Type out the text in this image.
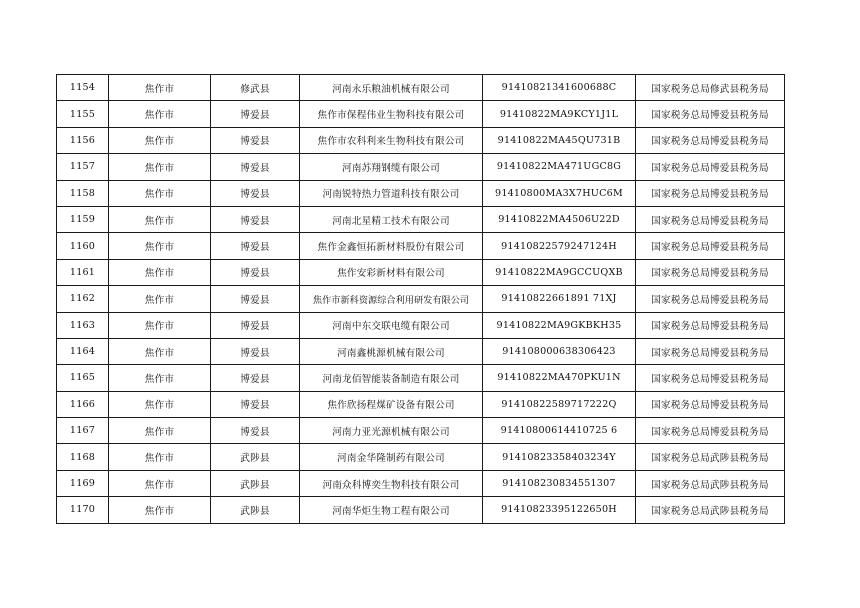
1154	焦作市	修武县	河南永乐粮油机械有限公司	91410821341600688C	国家税务总局修武县税务局
1155	焦作市	博爱县	焦作市保程伟业生物科技有限公司	91410822MA9KCY1J1L	国家税务总局博爱县税务局
1156	焦作市	博爱县	焦作市农科利来生物科技有限公司	91410822MA45QU731B	国家税务总局博爱县税务局
1157	焦作市	博爱县	河南苏翔钢缆有限公司	91410822MA471UGC8G	国家税务总局博爱县税务局
1158	焦作市	博爱县	河南锐特热力管道科技有限公司	91410800MA3X7HUC6M	国家税务总局博爱县税务局
1159	焦作市	博爱县	河南北星精工技术有限公司	91410822MA4506U22D	国家税务总局博爱县税务局
1160	焦作市	博爱县	焦作金鑫恒拓新材料股份有限公司	91410822579247124H	国家税务总局博爱县税务局
1161	焦作市	博爱县	焦作安彩新材料有限公司	91410822MA9GCCUQXB	国家税务总局博爱县税务局
1162	焦作市	博爱县	焦作市新科资源综合利用研发有限公司	91410822661891 71XJ	国家税务总局博爱县税务局
1163	焦作市	博爱县	河南中东交联电缆有限公司	91410822MA9GKBKH35	国家税务总局博爱县税务局
1164	焦作市	博爱县	河南鑫桃源机械有限公司	914108000638306423	国家税务总局博爱县税务局
1165	焦作市	博爱县	河南龙佰智能装备制造有限公司	91410822MA470PKU1N	国家税务总局博爱县税务局
1166	焦作市	博爱县	焦作欣扬程煤矿设备有限公司	91410822589717222Q	国家税务总局博爱县税务局
1167	焦作市	博爱县	河南力亚光源机械有限公司	91410800614410725 6	国家税务总局博爱县税务局
1168	焦作市	武陟县	河南金华隆制药有限公司	91410823358403234Y	国家税务总局武陟县税务局
1169	焦作市	武陟县	河南众科博奕生物科技有限公司	914108230834551307	国家税务总局武陟县税务局
1170	焦作市	武陟县	河南华炬生物工程有限公司	91410823395122650H	国家税务总局武陟县税务局
